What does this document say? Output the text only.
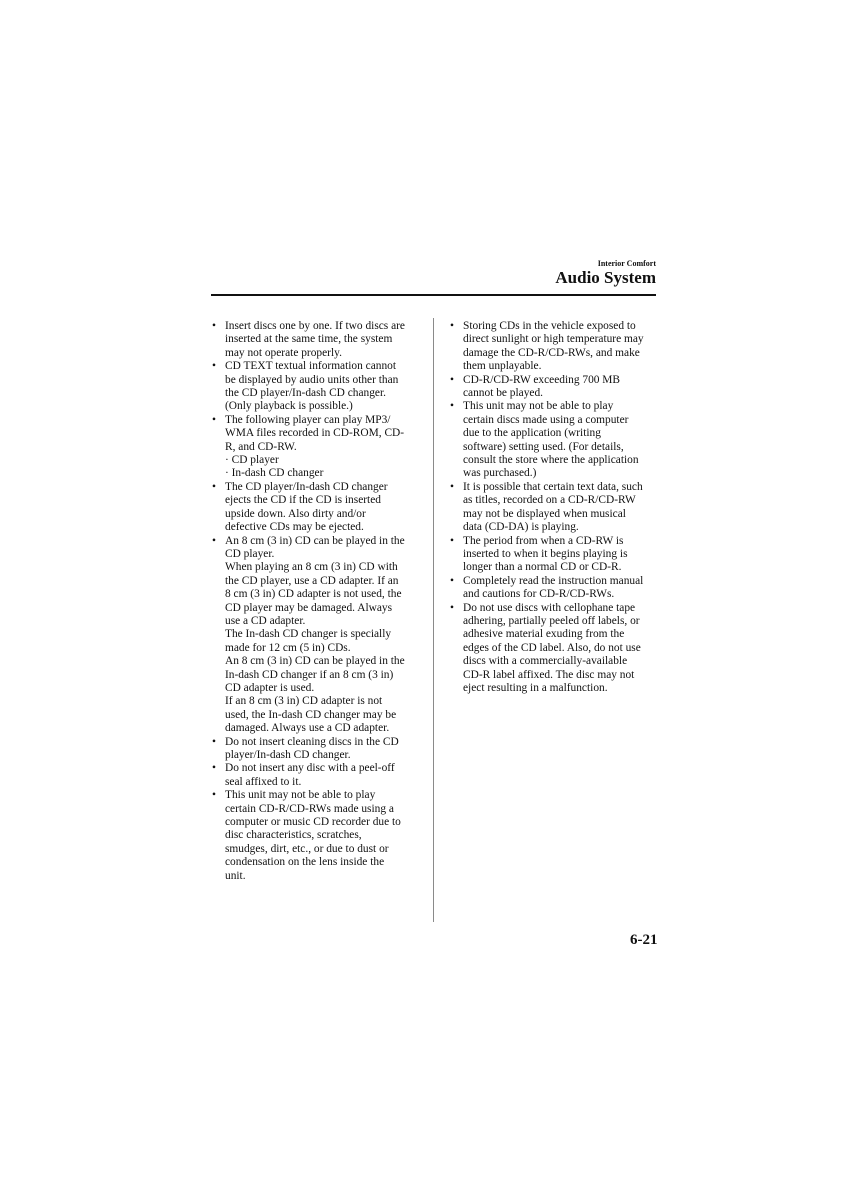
Interior Comfort
Audio System
• Insert discs one by one. If two discs are
inserted at the same time, the system
may not operate properly.
• CD TEXT textual information cannot
be displayed by audio units other than
the CD player/In-dash CD changer.
(Only playback is possible.)
• The following player can play MP3/
WMA files recorded in CD-ROM, CD-
R, and CD-RW.
· CD player
· In-dash CD changer
• The CD player/In-dash CD changer
ejects the CD if the CD is inserted
upside down. Also dirty and/or
defective CDs may be ejected.
• An 8 cm (3 in) CD can be played in the
CD player.
When playing an 8 cm (3 in) CD with
the CD player, use a CD adapter. If an
8 cm (3 in) CD adapter is not used, the
CD player may be damaged. Always
use a CD adapter.
The In-dash CD changer is specially
made for 12 cm (5 in) CDs.
An 8 cm (3 in) CD can be played in the
In-dash CD changer if an 8 cm (3 in)
CD adapter is used.
If an 8 cm (3 in) CD adapter is not
used, the In-dash CD changer may be
damaged. Always use a CD adapter.
• Do not insert cleaning discs in the CD
player/In-dash CD changer.
• Do not insert any disc with a peel-off
seal affixed to it.
• This unit may not be able to play
certain CD-R/CD-RWs made using a
computer or music CD recorder due to
disc characteristics, scratches,
smudges, dirt, etc., or due to dust or
condensation on the lens inside the
unit.
• Storing CDs in the vehicle exposed to
direct sunlight or high temperature may
damage the CD-R/CD-RWs, and make
them unplayable.
• CD-R/CD-RW exceeding 700 MB
cannot be played.
• This unit may not be able to play
certain discs made using a computer
due to the application (writing
software) setting used. (For details,
consult the store where the application
was purchased.)
• It is possible that certain text data, such
as titles, recorded on a CD-R/CD-RW
may not be displayed when musical
data (CD-DA) is playing.
• The period from when a CD-RW is
inserted to when it begins playing is
longer than a normal CD or CD-R.
• Completely read the instruction manual
and cautions for CD-R/CD-RWs.
• Do not use discs with cellophane tape
adhering, partially peeled off labels, or
adhesive material exuding from the
edges of the CD label. Also, do not use
discs with a commercially-available
CD-R label affixed. The disc may not
eject resulting in a malfunction.
6-21
